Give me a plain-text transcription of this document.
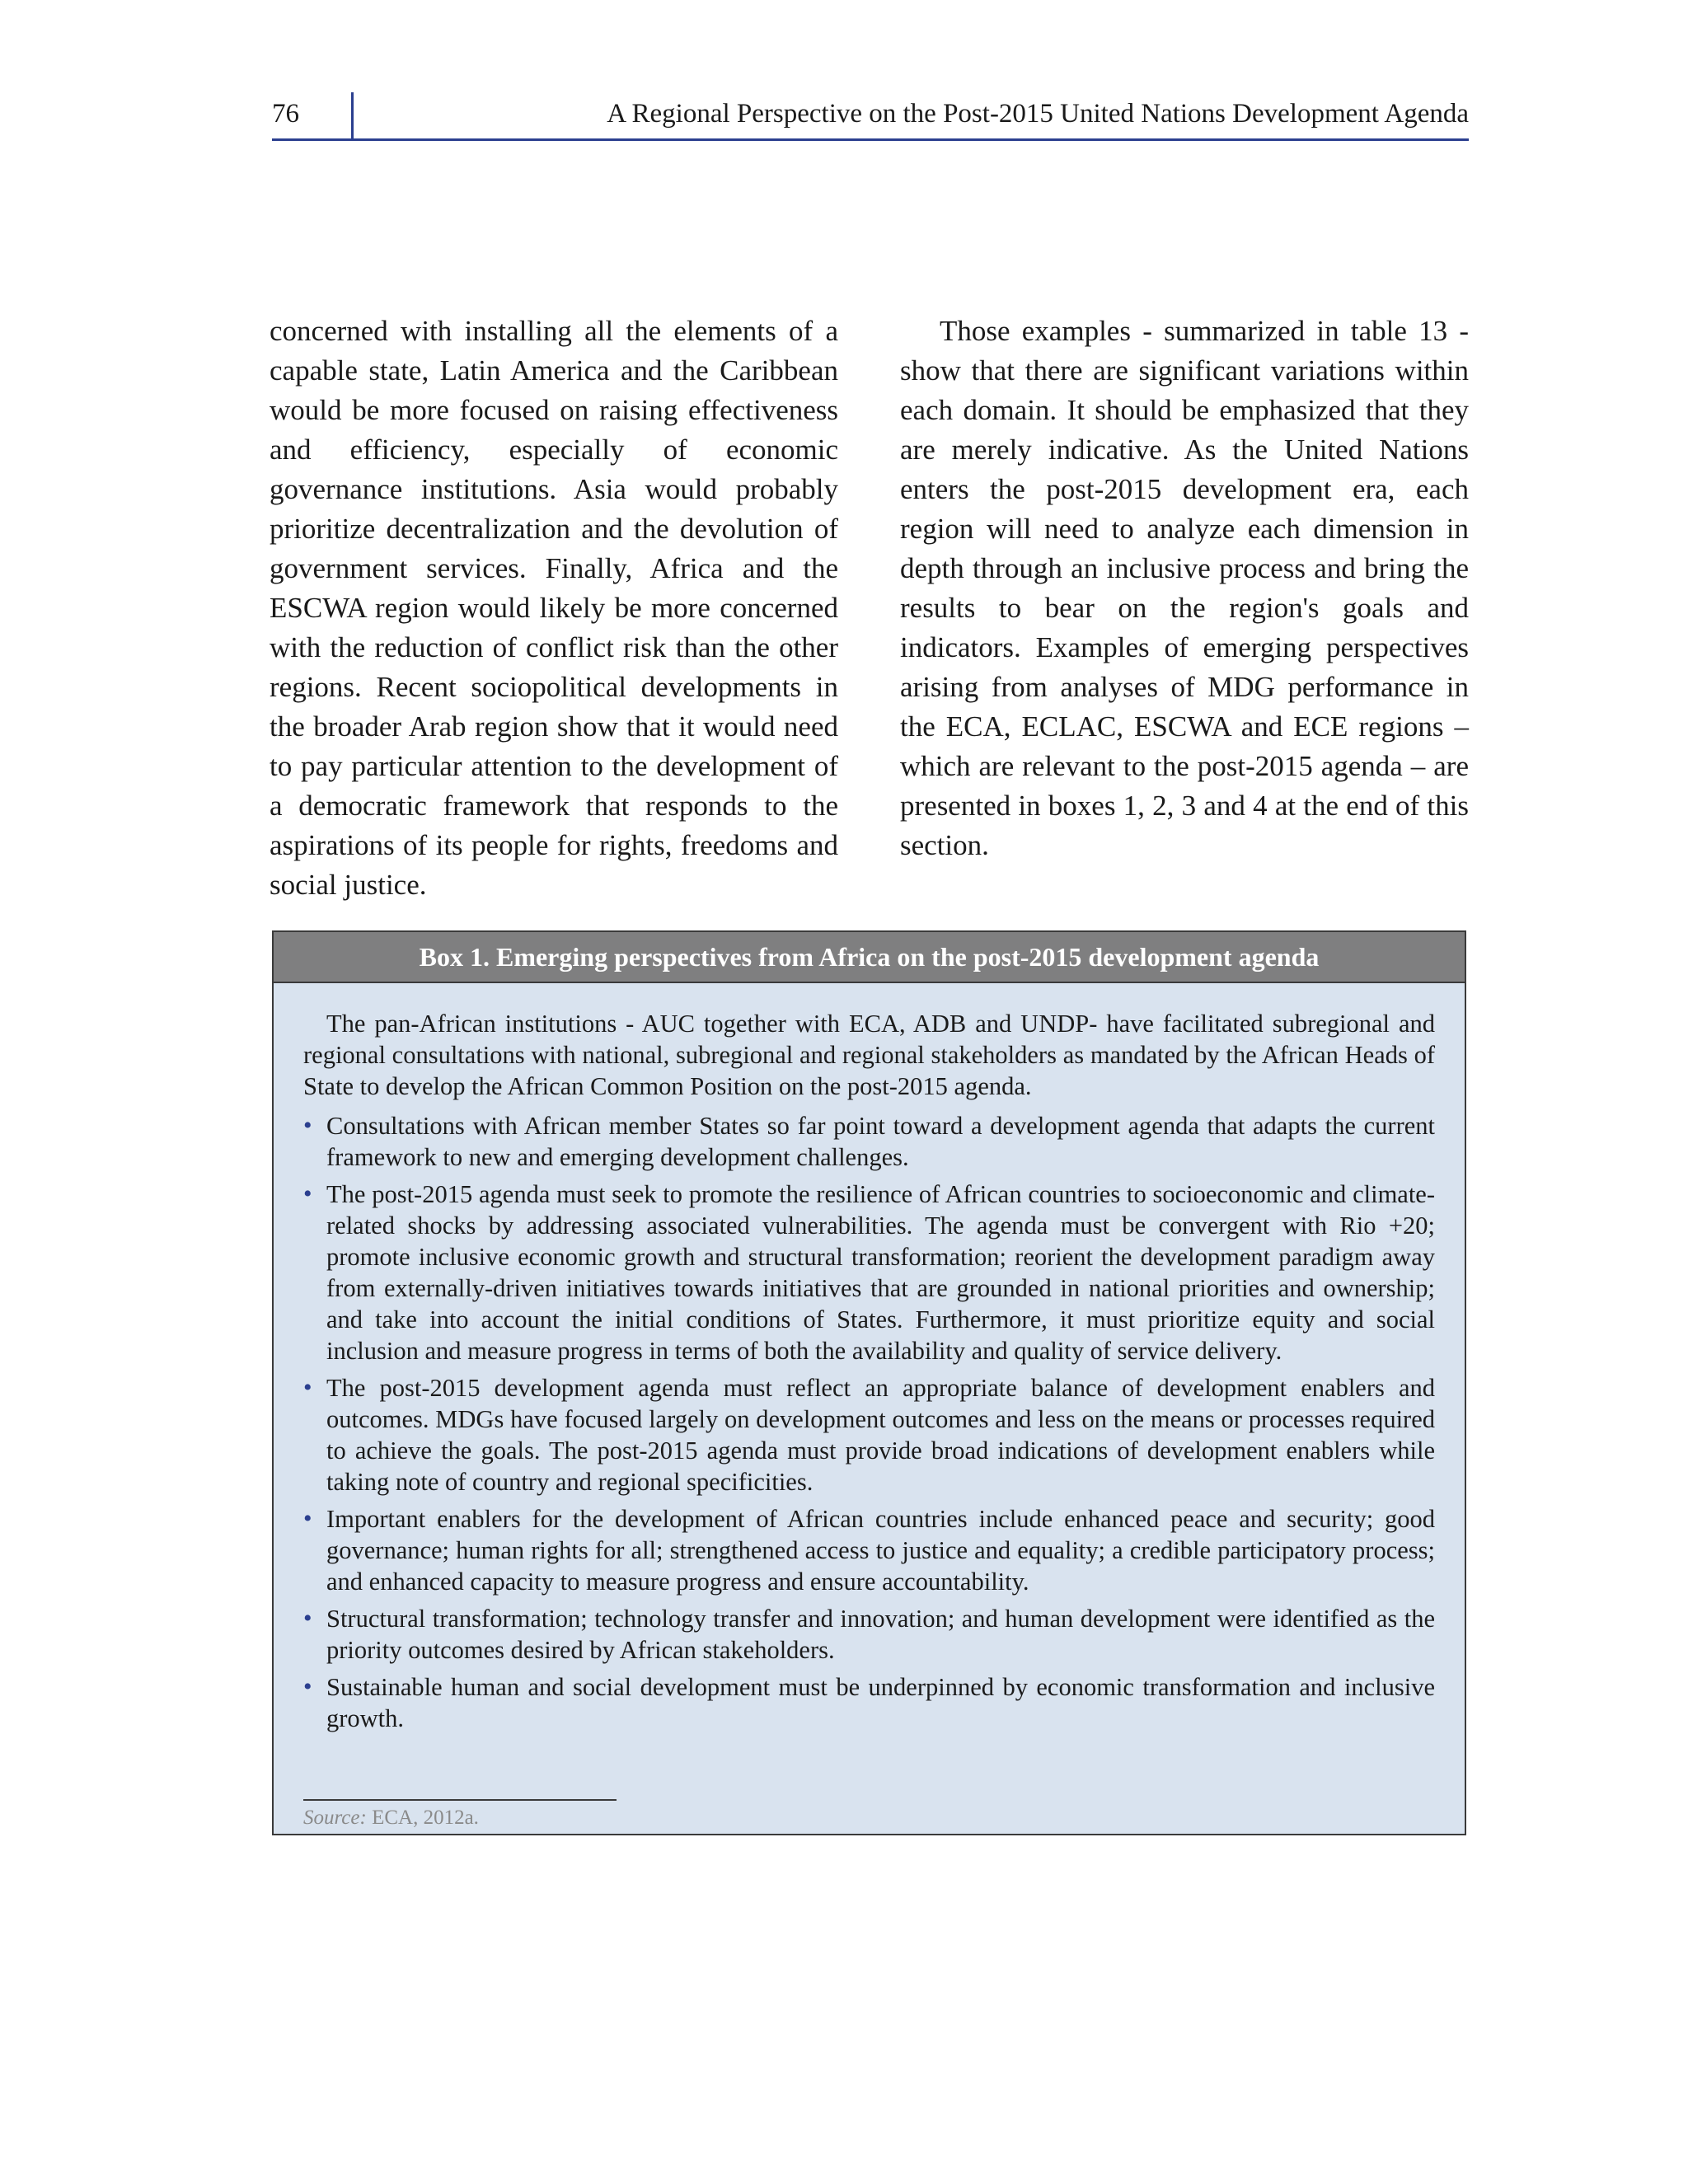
76	A Regional Perspective on the Post-2015 United Nations Development Agenda

concerned with installing all the elements of a capable state, Latin America and the Caribbean would be more focused on raising effectiveness and efficiency, especially of economic governance institutions. Asia would probably prioritize decentralization and the devolution of government services. Finally, Africa and the ESCWA region would likely be more concerned with the reduction of conflict risk than the other regions. Recent sociopolitical developments in the broader Arab region show that it would need to pay particular attention to the development of a democratic framework that responds to the aspirations of its people for rights, freedoms and social justice.

Those examples - summarized in table 13 - show that there are significant variations within each domain. It should be emphasized that they are merely indicative. As the United Nations enters the post-2015 development era, each region will need to analyze each dimension in depth through an inclusive process and bring the results to bear on the region's goals and indicators. Examples of emerging perspectives arising from analyses of MDG performance in the ECA, ECLAC, ESCWA and ECE regions – which are relevant to the post-2015 agenda – are presented in boxes 1, 2, 3 and 4 at the end of this section.

Box 1. Emerging perspectives from Africa on the post-2015 development agenda

The pan-African institutions - AUC together with ECA, ADB and UNDP- have facilitated subregional and regional consultations with national, subregional and regional stakeholders as mandated by the African Heads of State to develop the African Common Position on the post-2015 agenda.

• Consultations with African member States so far point toward a development agenda that adapts the current framework to new and emerging development challenges.
• The post-2015 agenda must seek to promote the resilience of African countries to socioeconomic and climate-related shocks by addressing associated vulnerabilities. The agenda must be convergent with Rio +20; promote inclusive economic growth and structural transformation; reorient the development paradigm away from externally-driven initiatives towards initiatives that are grounded in national priorities and ownership; and take into account the initial conditions of States. Furthermore, it must prioritize equity and social inclusion and measure progress in terms of both the availability and quality of service delivery.
• The post-2015 development agenda must reflect an appropriate balance of development enablers and outcomes. MDGs have focused largely on development outcomes and less on the means or processes required to achieve the goals. The post-2015 agenda must provide broad indications of development enablers while taking note of country and regional specificities.
• Important enablers for the development of African countries include enhanced peace and security; good governance; human rights for all; strengthened access to justice and equality; a credible participatory process; and enhanced capacity to measure progress and ensure accountability.
• Structural transformation; technology transfer and innovation; and human development were identified as the priority outcomes desired by African stakeholders.
• Sustainable human and social development must be underpinned by economic transformation and inclusive growth.
Source: ECA, 2012a.
